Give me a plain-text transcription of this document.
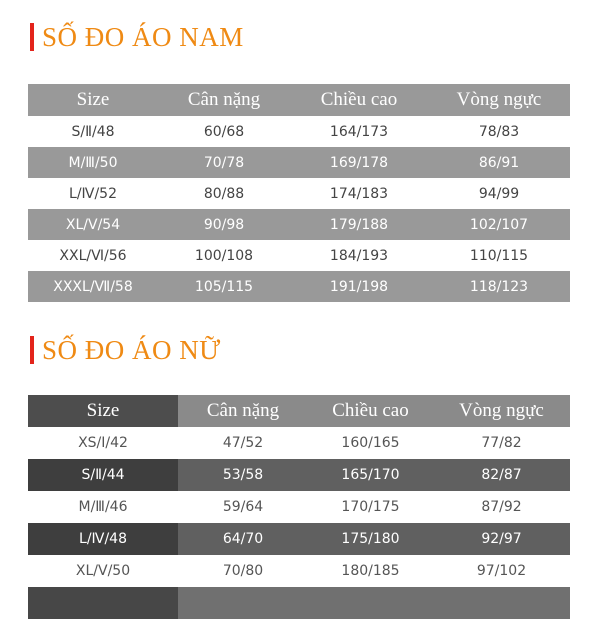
SỐ ĐO ÁO NAM
Size	Cân nặng	Chiều cao	Vòng ngực
S/Ⅱ/48	60/68	164/173	78/83
M/Ⅲ/50	70/78	169/178	86/91
L/Ⅳ/52	80/88	174/183	94/99
XL/Ⅴ/54	90/98	179/188	102/107
XXL/Ⅵ/56	100/108	184/193	110/115
XXXL/Ⅶ/58	105/115	191/198	118/123
SỐ ĐO ÁO NỮ
Size	Cân nặng	Chiều cao	Vòng ngực
XS/Ⅰ/42	47/52	160/165	77/82
S/Ⅱ/44	53/58	165/170	82/87
M/Ⅲ/46	59/64	170/175	87/92
L/Ⅳ/48	64/70	175/180	92/97
XL/Ⅴ/50	70/80	180/185	97/102
